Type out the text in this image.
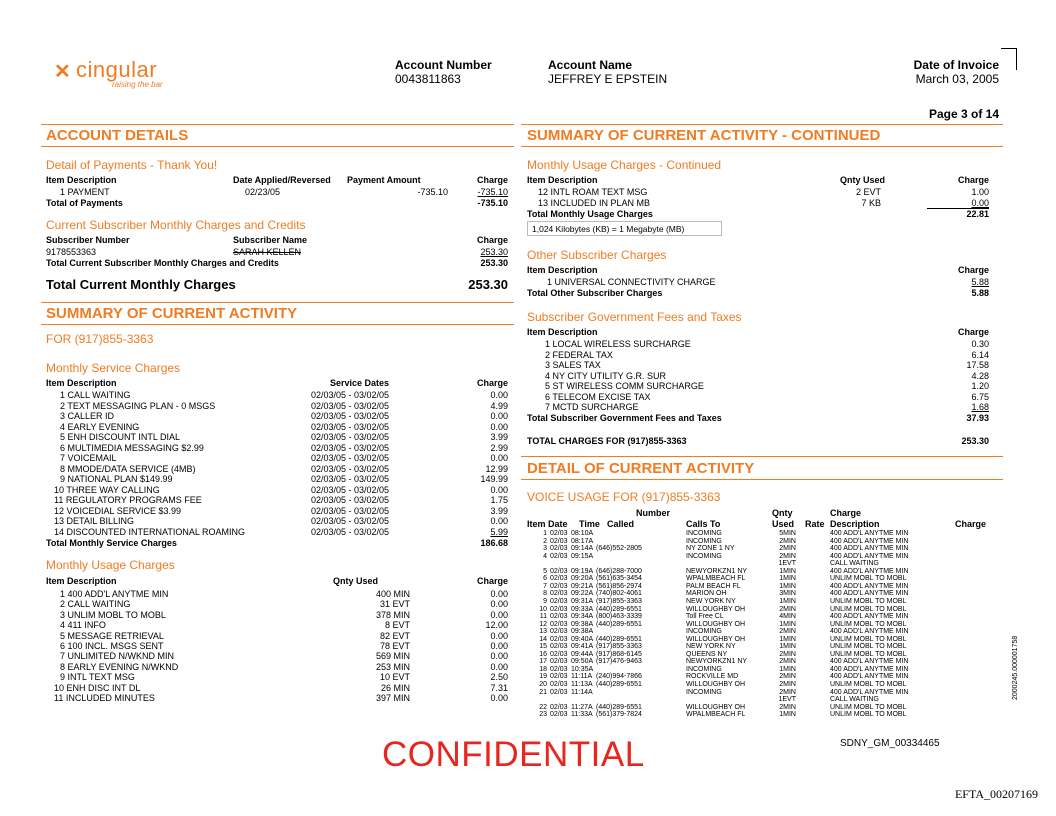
✕ cingular
raising the bar
Account Number
0043811863
Account Name
JEFFREY E EPSTEIN
Date of Invoice
March 03, 2005
Page 3 of 14
ACCOUNT DETAILS
Detail of Payments - Thank You!
Item Description	Date Applied/Reversed Payment Amount	Charge
1 PAYMENT	02/23/05	-735.10	-735.10
Total of Payments	-735.10
Current Subscriber Monthly Charges and Credits
Subscriber Number	Subscriber Name	Charge
9178553363	SARAH KELLEN	253.30
Total Current Subscriber Monthly Charges and Credits	253.30
Total Current Monthly Charges	253.30
SUMMARY OF CURRENT ACTIVITY
FOR (917)855-3363
Monthly Service Charges
Item Description	Service Dates	Charge
1 CALL WAITING	02/03/05 - 03/02/05	0.00
2 TEXT MESSAGING PLAN - 0 MSGS	02/03/05 - 03/02/05	4.99
3 CALLER ID	02/03/05 - 03/02/05	0.00
4 EARLY EVENING	02/03/05 - 03/02/05	0.00
5 ENH DISCOUNT INTL DIAL	02/03/05 - 03/02/05	3.99
6 MULTIMEDIA MESSAGING $2.99	02/03/05 - 03/02/05	2.99
7 VOICEMAIL	02/03/05 - 03/02/05	0.00
8 MMODE/DATA SERVICE (4MB)	02/03/05 - 03/02/05	12.99
9 NATIONAL PLAN $149.99	02/03/05 - 03/02/05	149.99
10 THREE WAY CALLING	02/03/05 - 03/02/05	0.00
11 REGULATORY PROGRAMS FEE	02/03/05 - 03/02/05	1.75
12 VOICEDIAL SERVICE $3.99	02/03/05 - 03/02/05	3.99
13 DETAIL BILLING	02/03/05 - 03/02/05	0.00
14 DISCOUNTED INTERNATIONAL ROAMING	02/03/05 - 03/02/05	5.99
Total Monthly Service Charges	186.68
Monthly Usage Charges
Item Description	Qnty Used	Charge
1 400 ADD'L ANYTME MIN	400 MIN	0.00
2 CALL WAITING	31 EVT	0.00
3 UNLIM MOBL TO MOBL	378 MIN	0.00
4 411 INFO	8 EVT	12.00
5 MESSAGE RETRIEVAL	82 EVT	0.00
6 100 INCL. MSGS SENT	78 EVT	0.00
7 UNLIMITED N/WKND MIN	569 MIN	0.00
8 EARLY EVENING N/WKND	253 MIN	0.00
9 INTL TEXT MSG	10 EVT	2.50
10 ENH DISC INT DL	26 MIN	7.31
11 INCLUDED MINUTES	397 MIN	0.00
SUMMARY OF CURRENT ACTIVITY - CONTINUED
Monthly Usage Charges - Continued
Item Description	Qnty Used	Charge
12 INTL ROAM TEXT MSG	2 EVT	1.00
13 INCLUDED IN PLAN MB	7 KB	0.00
Total Monthly Usage Charges	22.81
1,024 Kilobytes (KB) = 1 Megabyte (MB)
Other Subscriber Charges
Item Description	Charge
1 UNIVERSAL CONNECTIVITY CHARGE	5.88
Total Other Subscriber Charges	5.88
Subscriber Government Fees and Taxes
Item Description	Charge
1 LOCAL WIRELESS SURCHARGE	0.30
2 FEDERAL TAX	6.14
3 SALES TAX	17.58
4 NY CITY UTILITY G.R. SUR	4.28
5 ST WIRELESS COMM SURCHARGE	1.20
6 TELECOM EXCISE TAX	6.75
7 MCTD SURCHARGE	1.68
Total Subscriber Government Fees and Taxes	37.93
TOTAL CHARGES FOR (917)855-3363	253.30
DETAIL OF CURRENT ACTIVITY
VOICE USAGE FOR (917)855-3363
Number	Qnty	Charge
Item Date Time Called	Calls To	Used Rate Description	Charge
1 02/03 08:10A	INCOMING	5MIN	400 ADD'L ANYTME MIN
2 02/03 08:17A	INCOMING	2MIN	400 ADD'L ANYTME MIN
3 02/03 09:14A (646)552-2805	NY ZONE 1 NY	2MIN	400 ADD'L ANYTME MIN
4 02/03 09:15A	INCOMING	2MIN	400 ADD'L ANYTME MIN
1EVT	CALL WAITING
5 02/03 09:19A (646)288-7000	NEWYORKZN1 NY	1MIN	400 ADD'L ANYTME MIN
6 02/03 09:20A (561)635-3454	WPALMBEACH FL	1MIN	UNLIM MOBL TO MOBL
7 02/03 09:21A (561)856-2974	PALM BEACH FL	1MIN	400 ADD'L ANYTME MIN
8 02/03 09:22A (740)802-4061	MARION OH	3MIN	400 ADD'L ANYTME MIN
9 02/03 09:31A (917)855-3363	NEW YORK NY	1MIN	UNLIM MOBL TO MOBL
10 02/03 09:33A (440)289-6551	WILLOUGHBY OH	2MIN	UNLIM MOBL TO MOBL
11 02/03 09:34A (800)463-3339	Toll Free CL	4MIN	400 ADD'L ANYTME MIN
12 02/03 09:38A (440)289-6551	WILLOUGHBY OH	1MIN	UNLIM MOBL TO MOBL
13 02/03 09:38A	INCOMING	2MIN	400 ADD'L ANYTME MIN
14 02/03 09:40A (440)289-6551	WILLOUGHBY OH	1MIN	UNLIM MOBL TO MOBL
15 02/03 09:41A (917)855-3363	NEW YORK NY	1MIN	UNLIM MOBL TO MOBL
16 02/03 09:44A (917)868-6145	QUEENS NY	2MIN	UNLIM MOBL TO MOBL
17 02/03 09:50A (917)476-9463	NEWYORKZN1 NY	2MIN	400 ADD'L ANYTME MIN
18 02/03 10:35A	INCOMING	1MIN	400 ADD'L ANYTME MIN
19 02/03 11:11A (240)994-7866	ROCKVILLE MD	2MIN	400 ADD'L ANYTME MIN
20 02/03 11:13A (440)289-6551	WILLOUGHBY OH	2MIN	UNLIM MOBL TO MOBL
21 02/03 11:14A	INCOMING	2MIN	400 ADD'L ANYTME MIN
1EVT	CALL WAITING
22 02/03 11:27A (440)289-6551	WILLOUGHBY OH	2MIN	UNLIM MOBL TO MOBL
23 02/03 11:33A (561)379-7824	WPALMBEACH FL	1MIN	UNLIM MOBL TO MOBL
CONFIDENTIAL	SDNY_GM_00334465
EFTA_00207169
2000245.000001758
